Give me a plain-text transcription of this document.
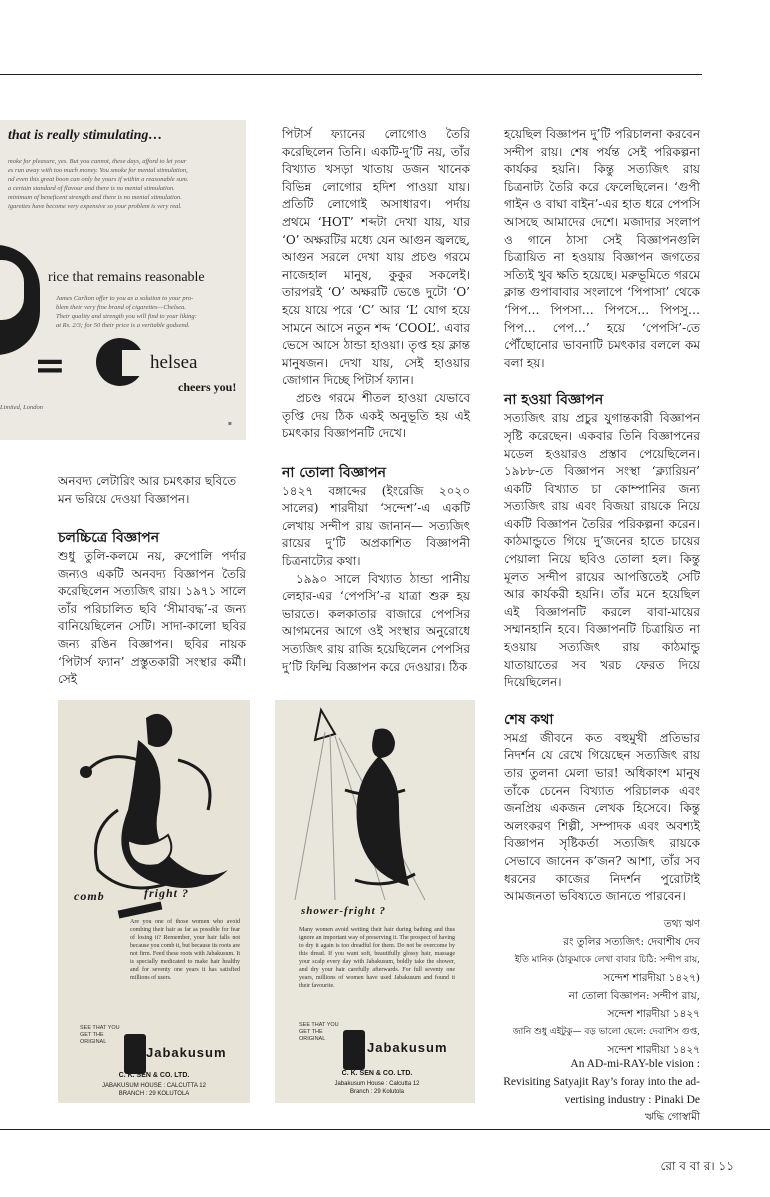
that is really stimulating…
moke for pleasure, yes. But you cannot, these days, afford to let your
es run away with too much money. You smoke for mental stimulation,
nd even this great boon can only be yours if within a reasonable sum.
a certain standard of flavour and there is no mental stimulation.
minimum of beneficent strength and there is no mental stimulation.
igarettes have become very expensive so your problem is very real.
rice that remains reasonable
James Carlton offer to you as a solution to your pro-
blem their very fine brand of cigarettes—Chelsea.
Their quality and strength you will find to your liking:
at Rs. 2/3; for 50 their price is a veritable godsend.
=	helsea
cheers you!
Limited, London
▪
অনবদ্য লেটারিং আর চমৎকার ছবিতে মন ভরিয়ে দেওয়া বিজ্ঞাপন।
চলচ্চিত্রে বিজ্ঞাপন

শুধু তুলি-কলমে নয়, রুপোলি পর্দার জন্যও একটি অনবদ্য বিজ্ঞাপন তৈরি করেছিলেন সত্যজিৎ রায়। ১৯৭১ সালে তাঁর পরিচালিত ছবি ‘সীমাবদ্ধ’-র জন্য বানিয়েছিলেন সেটি। সাদা-কালো ছবির জন্য রঙিন বিজ্ঞাপন। ছবির নায়ক ‘পিটার্স ফ্যান’ প্রস্তুতকারী সংস্থার কর্মী। সেই

পিটার্স ফ্যানের লোগোও তৈরি করেছিলেন তিনি। একটি-দু’টি নয়, তাঁর বিখ্যাত খসড়া খাতায় ডজন খানেক বিভিন্ন লোগোর হদিশ পাওয়া যায়। প্রতিটি লোগোই অসাধারণ। পর্দায় প্রথমে ‘HOT’ শব্দটা দেখা যায়, যার ‘O’ অক্ষরটির মধ্যে যেন আগুন জ্বলছে, আগুন সরলে দেখা যায় প্রচণ্ড গরমে নাজেহাল মানুষ, কুকুর সকলেই। তারপরই ‘O’ অক্ষরটি ভেঙে দুটো ‘O’ হয়ে যায়ে পরে ‘C’ আর ‘L’ যোগ হয়ে সামনে আসে নতুন শব্দ ‘COOL’. এবার ভেসে আসে ঠান্ডা হাওয়া। তৃপ্ত হয় ক্লান্ত মানুষজন। দেখা যায়, সেই হাওয়ার জোগান দিচ্ছে পিটার্স ফ্যান।

প্রচণ্ড গরমে শীতল হাওয়া যেভাবে তৃপ্তি দেয় ঠিক একই অনুভূতি হয় এই চমৎকার বিজ্ঞাপনটি দেখে।

না তোলা বিজ্ঞাপন

১৪২৭ বঙ্গাব্দের (ইংরেজি ২০২০ সালের) শারদীয়া ‘সন্দেশ’-এ একটি লেখায় সন্দীপ রায় জানান— সত্যজিৎ রায়ের দু’টি অপ্রকাশিত বিজ্ঞাপনী চিত্রনাট্যের কথা।

১৯৯০ সালে বিখ্যাত ঠান্ডা পানীয় লেহার-এর ‘পেপসি’-র যাত্রা শুরু হয় ভারতে। কলকাতার বাজারে পেপসির আগমনের আগে ওই সংস্থার অনুরোধে সত্যজিৎ রায় রাজি হয়েছিলেন পেপসির দু’টি ফিল্মি বিজ্ঞাপন করে দেওয়ার। ঠিক

হয়েছিল বিজ্ঞাপন দু’টি পরিচালনা করবেন সন্দীপ রায়। শেষ পর্যন্ত সেই পরিকল্পনা কার্যকর হয়নি। কিন্তু সত্যজিৎ রায় চিত্রনাট্য তৈরি করে ফেলেছিলেন। ‘গুপী গাইন ও বাঘা বাইন’-এর হাত ধরে পেপসি আসছে আমাদের দেশে। মজাদার সংলাপ ও গানে ঠাসা সেই বিজ্ঞাপনগুলি চিত্রায়িত না হওয়ায় বিজ্ঞাপন জগতের সত্যিই খুব ক্ষতি হয়েছে। মরুভূমিতে গরমে ক্লান্ত গুপাবাবার সংলাপে ‘পিপাসা’ থেকে ‘পিপ… পিপসা… পিপসে… পিপসু… পিপ… পেপ…’ হয়ে ‘পেপসি’-তে পৌঁছোনোর ভাবনাটি চমৎকার বললে কম বলা হয়।

না হওয়া বিজ্ঞাপন

সত্যজিৎ রায় প্রচুর যুগান্তকারী বিজ্ঞাপন সৃষ্টি করেছেন। একবার তিনি বিজ্ঞাপনের মডেল হওয়ারও প্রস্তাব পেয়েছিলেন। ১৯৮৮-তে বিজ্ঞাপন সংস্থা ‘ক্ল্যারিয়ন’ একটি বিখ্যাত চা কোম্পানির জন্য সত্যজিৎ রায় এবং বিজয়া রায়কে নিয়ে একটি বিজ্ঞাপন তৈরির পরিকল্পনা করেন। কাঠমান্ডুতে গিয়ে দু’জনের হাতে চায়ের পেয়ালা নিয়ে ছবিও তোলা হল। কিন্তু মূলত সন্দীপ রায়ের আপত্তিতেই সেটি আর কার্যকরী হয়নি। তাঁর মনে হয়েছিল এই বিজ্ঞাপনটি করলে বাবা-মায়ের সম্মানহানি হবে। বিজ্ঞাপনটি চিত্রায়িত না হওয়ায় সত্যজিৎ রায় কাঠমান্ডু যাতায়াতের সব খরচ ফেরত দিয়ে দিয়েছিলেন।

শেষ কথা

সমগ্র জীবনে কত বহুমুখী প্রতিভার নিদর্শন যে রেখে গিয়েছেন সত্যজিৎ রায় তার তুলনা মেলা ভার! অধিকাংশ মানুষ তাঁকে চেনেন বিখ্যাত পরিচালক এবং জনপ্রিয় একজন লেখক হিসেবে। কিন্তু অলংকরণ শিল্পী, সম্পাদক এবং অবশ্যই বিজ্ঞাপন সৃষ্টিকর্তা সত্যজিৎ রায়কে সেভাবে জানেন ক’জন? আশা, তাঁর সব ধরনের কাজের নিদর্শন পুরোটাই আমজনতা ভবিষ্যতে জানতে পারবেন।

তথ্য ঋণ

রং তুলির সত্যজিৎ: দেবাশীষ দেব

ইতি মানিক (ঠাকুমাকে লেখা বাবার চিঠি: সন্দীপ রায়,

সন্দেশ শারদীয়া ১৪২৭)

না তোলা বিজ্ঞাপন: সন্দীপ রায়,

সন্দেশ শারদীয়া ১৪২৭

জানি শুধু এইটুকু— বড় ভালো ছেলে: দেবাশিস গুপ্ত,

সন্দেশ শারদীয়া ১৪২৭

An AD-mi-RAY-ble vision :
Revisiting Satyajit Ray’s foray into the ad-
vertising industry : Pinaki De
ঋদ্ধি গোস্বামী
comb	fright ?
Are you one of those women who avoid combing their hair as far as possible for fear of losing it? Remember, your hair falls not because you comb it, but because its roots are not firm. Feed these roots with Jabakusum. It is specially medicated to make hair healthy and for seventy one years it has satisfied millions of users.
SEE THAT YOU GET THE ORIGINAL
Jabakusum
C. K. SEN & CO. LTD.
JABAKUSUM HOUSE : CALCUTTA 12
BRANCH : 29 KOLUTOLA
shower-fright ?
Many women avoid wetting their hair during bathing and thus ignore an important way of preserving it. The prospect of having to dry it again is too dreadful for them. Do not be overcome by this dread. If you want soft, beautifully glossy hair, massage your scalp every day with Jabakusum, boldly take the shower, and dry your hair carefully afterwards. For full seventy one years, millions of women have used Jabakusum and found it their favourite.
SEE THAT YOU GET THE ORIGINAL
Jabakusum
C. K. SEN & CO. LTD.
Jabakusum House : Calcutta 12
Branch : 29 Kolutola
রো ব বা র। ১১
